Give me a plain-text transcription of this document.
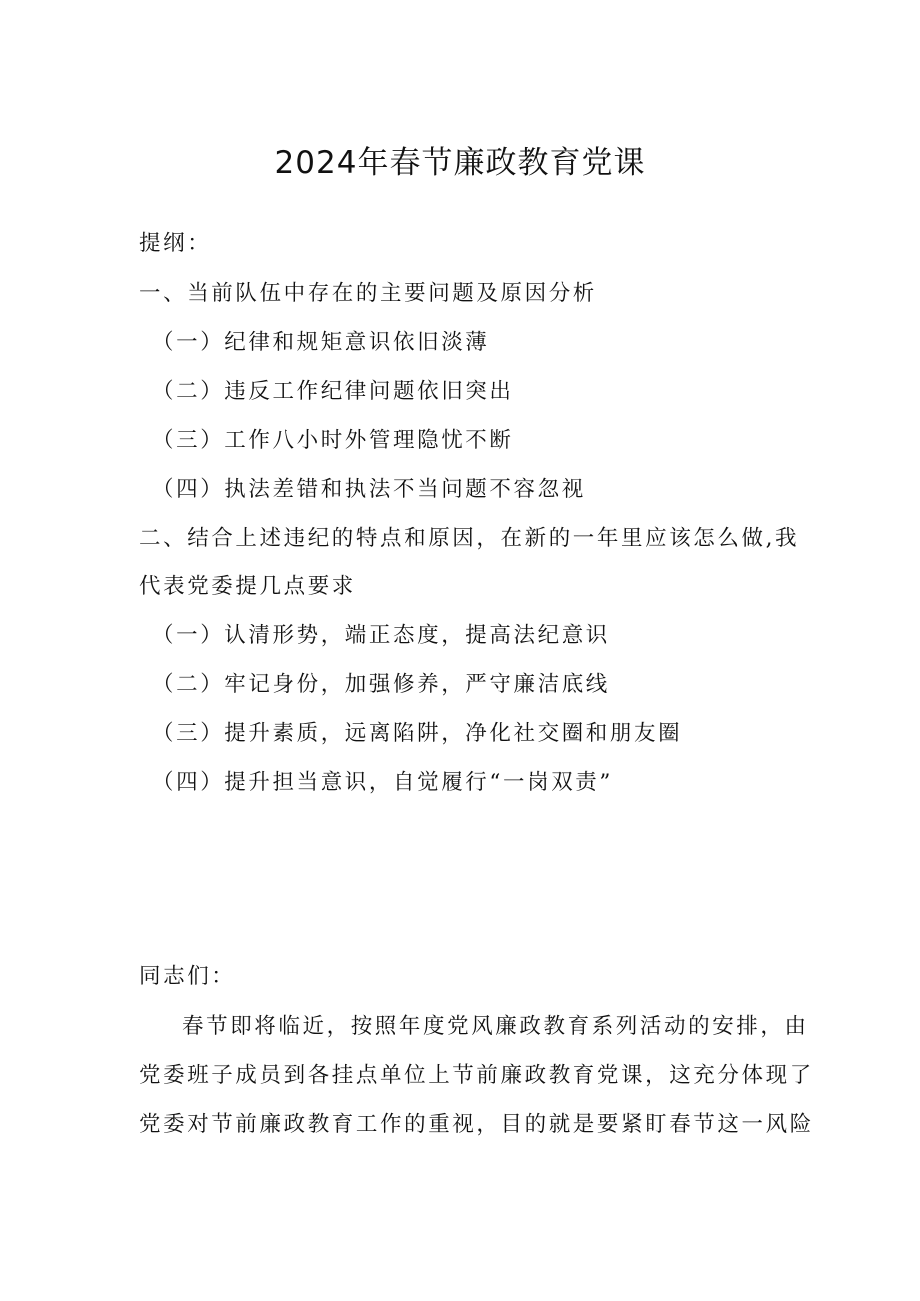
2024年春节廉政教育党课
提纲：
一、当前队伍中存在的主要问题及原因分析
（一）纪律和规矩意识依旧淡薄
（二）违反工作纪律问题依旧突出
（三）工作八小时外管理隐忧不断
（四）执法差错和执法不当问题不容忽视
二、结合上述违纪的特点和原因，在新的一年里应该怎么做,我
代表党委提几点要求
（一）认清形势，端正态度，提高法纪意识
（二）牢记身份，加强修养，严守廉洁底线
（三）提升素质，远离陷阱，净化社交圈和朋友圈
（四）提升担当意识，自觉履行“一岗双责”
同志们：
春节即将临近，按照年度党风廉政教育系列活动的安排，由
党委班子成员到各挂点单位上节前廉政教育党课，这充分体现了
党委对节前廉政教育工作的重视，目的就是要紧盯春节这一风险
